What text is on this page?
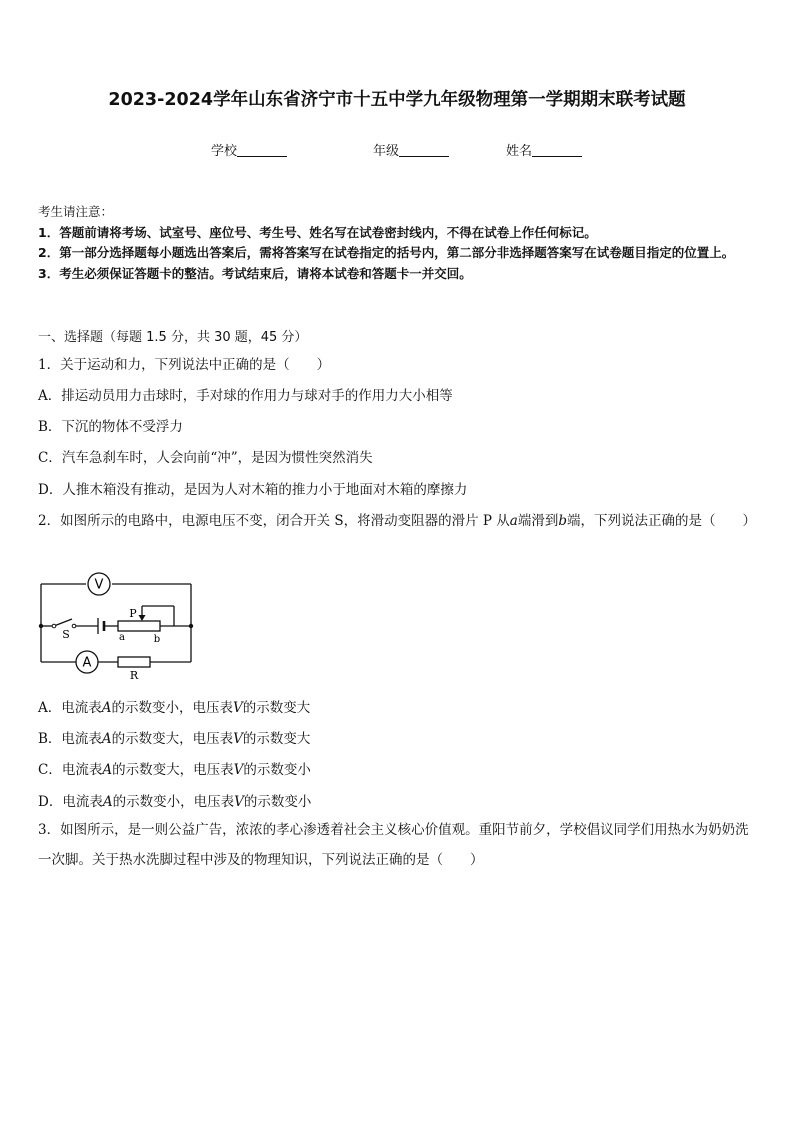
2023-2024学年山东省济宁市十五中学九年级物理第一学期期末联考试题
学校	年级	姓名
考生请注意：
1．答题前请将考场、试室号、座位号、考生号、姓名写在试卷密封线内，不得在试卷上作任何标记。
2．第一部分选择题每小题选出答案后，需将答案写在试卷指定的括号内，第二部分非选择题答案写在试卷题目指定的位置上。
3．考生必须保证答题卡的整洁。考试结束后，请将本试卷和答题卡一并交回。
一、选择题（每题 1.5 分，共 30 题，45 分）
1．关于运动和力，下列说法中正确的是（　　）
A．排运动员用力击球时，手对球的作用力与球对手的作用力大小相等
B．下沉的物体不受浮力
C．汽车急刹车时，人会向前“冲”，是因为惯性突然消失
D．人推木箱没有推动，是因为人对木箱的推力小于地面对木箱的摩擦力
2．如图所示的电路中，电源电压不变，闭合开关 S，将滑动变阻器的滑片 P 从a端滑到b端，下列说法正确的是（　　）
V
A
S
P
a	b
R
A．电流表A的示数变小，电压表V的示数变大
B．电流表A的示数变大，电压表V的示数变大
C．电流表A的示数变大，电压表V的示数变小
D．电流表A的示数变小，电压表V的示数变小
3．如图所示，是一则公益广告，浓浓的孝心渗透着社会主义核心价值观。重阳节前夕，学校倡议同学们用热水为奶奶洗一次脚。关于热水洗脚过程中涉及的物理知识，下列说法正确的是（　　）
